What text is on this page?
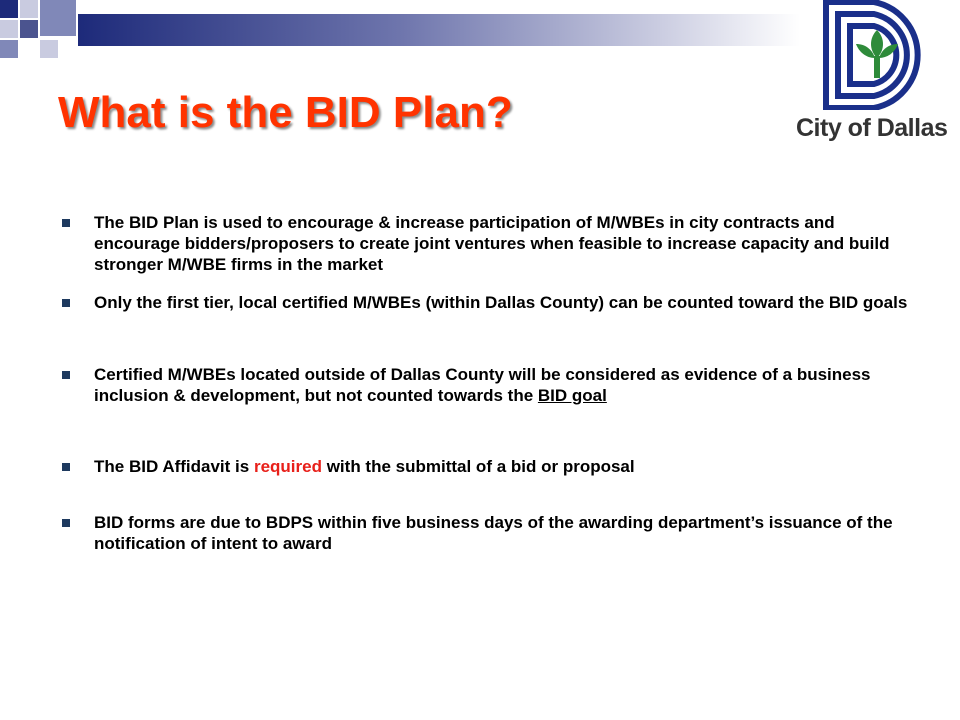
What is the BID Plan?	City of Dallas

The BID Plan is used to encourage & increase participation of M/WBEs in city contracts and encourage bidders/proposers to create joint ventures when feasible to increase capacity and build stronger M/WBE firms in the market

Only the first tier, local certified M/WBEs (within Dallas County) can be counted toward the BID goals

Certified M/WBEs located outside of Dallas County will be considered as evidence of a business inclusion & development, but not counted towards the BID goal

The BID Affidavit is required with the submittal of a bid or proposal

BID forms are due to BDPS within five business days of the awarding department’s issuance of the notification of intent to award
